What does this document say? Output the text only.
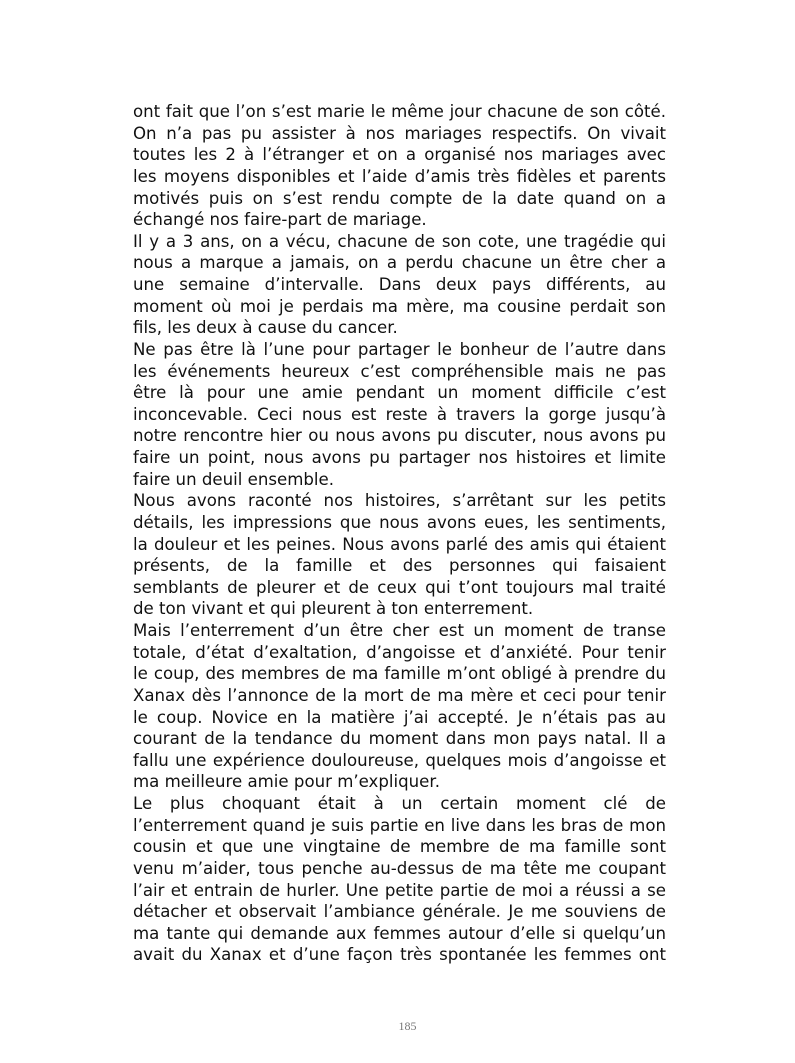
ont fait que l’on s’est marie le même jour chacune de son côté.
On n’a pas pu assister à nos mariages respectifs. On vivait
toutes les 2 à l’étranger et on a organisé nos mariages avec
les moyens disponibles et l’aide d’amis très fidèles et parents
motivés puis on s’est rendu compte de la date quand on a
échangé nos faire-part de mariage.
Il y a 3 ans, on a vécu, chacune de son cote, une tragédie qui
nous a marque a jamais, on a perdu chacune un être cher a
une semaine d’intervalle. Dans deux pays différents, au
moment où moi je perdais ma mère, ma cousine perdait son
fils, les deux à cause du cancer.
Ne pas être là l’une pour partager le bonheur de l’autre dans
les événements heureux c’est compréhensible mais ne pas
être là pour une amie pendant un moment difficile c’est
inconcevable. Ceci nous est reste à travers la gorge jusqu’à
notre rencontre hier ou nous avons pu discuter, nous avons pu
faire un point, nous avons pu partager nos histoires et limite
faire un deuil ensemble.
Nous avons raconté nos histoires, s’arrêtant sur les petits
détails, les impressions que nous avons eues, les sentiments,
la douleur et les peines. Nous avons parlé des amis qui étaient
présents, de la famille et des personnes qui faisaient
semblants de pleurer et de ceux qui t’ont toujours mal traité
de ton vivant et qui pleurent à ton enterrement.
Mais l’enterrement d’un être cher est un moment de transe
totale, d’état d’exaltation, d’angoisse et d’anxiété. Pour tenir
le coup, des membres de ma famille m’ont obligé à prendre du
Xanax dès l’annonce de la mort de ma mère et ceci pour tenir
le coup. Novice en la matière j’ai accepté. Je n’étais pas au
courant de la tendance du moment dans mon pays natal. Il a
fallu une expérience douloureuse, quelques mois d’angoisse et
ma meilleure amie pour m’expliquer.
Le plus choquant était à un certain moment clé de
l’enterrement quand je suis partie en live dans les bras de mon
cousin et que une vingtaine de membre de ma famille sont
venu m’aider, tous penche au-dessus de ma tête me coupant
l’air et entrain de hurler. Une petite partie de moi a réussi a se
détacher et observait l’ambiance générale. Je me souviens de
ma tante qui demande aux femmes autour d’elle si quelqu’un
avait du Xanax et d’une façon très spontanée les femmes ont
185
